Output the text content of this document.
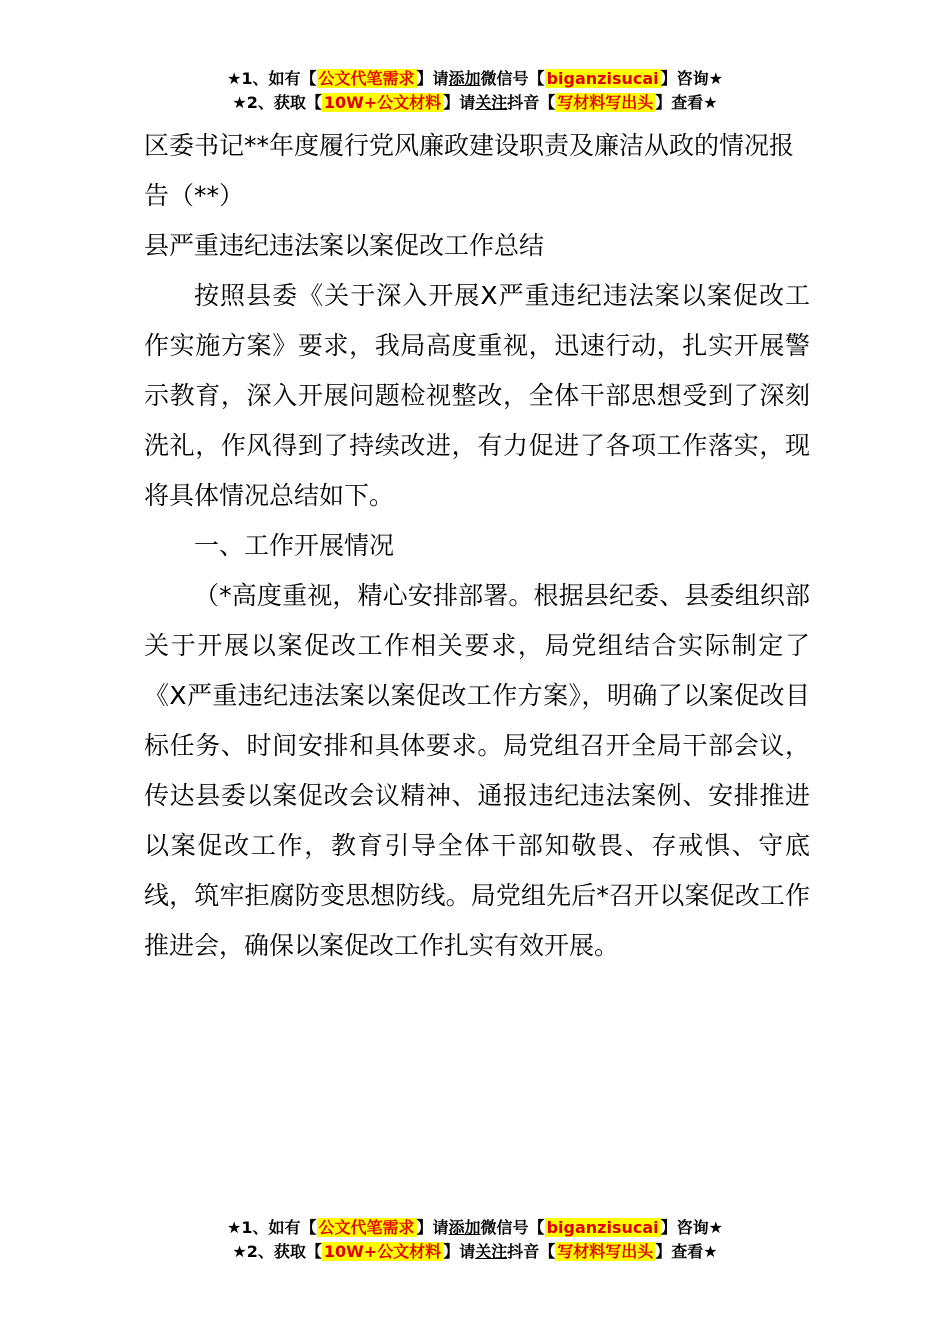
★1、如有【 公文代笔需求 】请添加微信号【 biganzisucai 】咨询★
★2、获取【 10W+公文材料 】请关注抖音【 写材料写出头 】查看★

区委书记**年度履行党风廉政建设职责及廉洁从政的情况报告（**）

县严重违纪违法案以案促改工作总结

按照县委《关于深入开展X严重违纪违法案以案促改工作实施方案》要求，我局高度重视，迅速行动，扎实开展警示教育，深入开展问题检视整改，全体干部思想受到了深刻洗礼，作风得到了持续改进，有力促进了各项工作落实，现将具体情况总结如下。

一、工作开展情况

（*高度重视，精心安排部署。根据县纪委、县委组织部关于开展以案促改工作相关要求，局党组结合实际制定了《X严重违纪违法案以案促改工作方案》，明确了以案促改目标任务、时间安排和具体要求。局党组召开全局干部会议，传达县委以案促改会议精神、通报违纪违法案例、安排推进以案促改工作，教育引导全体干部知敬畏、存戒惧、守底线，筑牢拒腐防变思想防线。局党组先后*召开以案促改工作推进会，确保以案促改工作扎实有效开展。

★1、如有【 公文代笔需求 】请添加微信号【 biganzisucai 】咨询★
★2、获取【 10W+公文材料 】请关注抖音【 写材料写出头 】查看★
